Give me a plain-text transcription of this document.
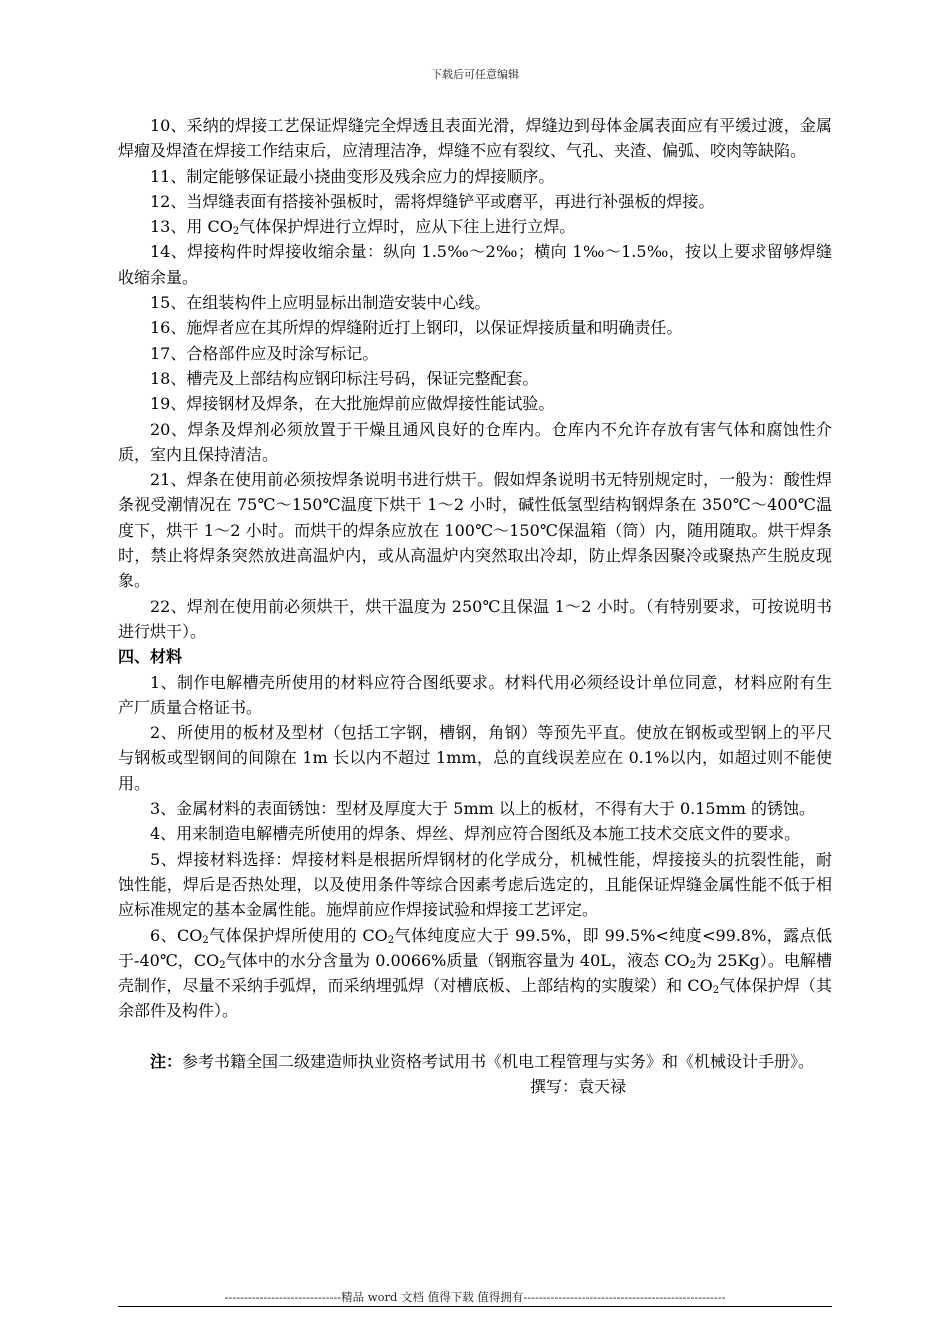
下载后可任意编辑

10、采纳的焊接工艺保证焊缝完全焊透且表面光滑，焊缝边到母体金属表面应有平缓过渡，金属焊瘤及焊渣在焊接工作结束后，应清理洁净，焊缝不应有裂纹、气孔、夹渣、偏弧、咬肉等缺陷。

11、制定能够保证最小挠曲变形及残余应力的焊接顺序。

12、当焊缝表面有搭接补强板时，需将焊缝铲平或磨平，再进行补强板的焊接。

13、用 $CO_2$气体保护焊进行立焊时，应从下往上进行立焊。

14、焊接构件时焊接收缩余量：纵向 1.5‰～2‰；横向 1‰～1.5‰，按以上要求留够焊缝收缩余量。

15、在组装构件上应明显标出制造安装中心线。

16、施焊者应在其所焊的焊缝附近打上钢印，以保证焊接质量和明确责任。

17、合格部件应及时涂写标记。

18、槽壳及上部结构应钢印标注号码，保证完整配套。

19、焊接钢材及焊条，在大批施焊前应做焊接性能试验。

20、焊条及焊剂必须放置于干燥且通风良好的仓库内。仓库内不允许存放有害气体和腐蚀性介质，室内且保持清洁。

21、焊条在使用前必须按焊条说明书进行烘干。假如焊条说明书无特别规定时，一般为：酸性焊条视受潮情况在 75℃～150℃温度下烘干 1～2 小时，碱性低氢型结构钢焊条在 350℃～400℃温度下，烘干 1～2 小时。而烘干的焊条应放在 100℃～150℃保温箱（筒）内，随用随取。烘干焊条时，禁止将焊条突然放进高温炉内，或从高温炉内突然取出冷却，防止焊条因聚冷或聚热产生脱皮现象。

22、焊剂在使用前必须烘干，烘干温度为 250℃且保温 1～2 小时。（有特别要求，可按说明书进行烘干）。

四、材料

1、制作电解槽壳所使用的材料应符合图纸要求。材料代用必须经设计单位同意，材料应附有生产厂质量合格证书。

2、所使用的板材及型材（包括工字钢，槽钢，角钢）等预先平直。使放在钢板或型钢上的平尺与钢板或型钢间的间隙在 1m 长以内不超过 1mm，总的直线误差应在 0.1%以内，如超过则不能使用。

3、金属材料的表面锈蚀：型材及厚度大于 5mm 以上的板材，不得有大于 0.15mm 的锈蚀。

4、用来制造电解槽壳所使用的焊条、焊丝、焊剂应符合图纸及本施工技术交底文件的要求。

5、焊接材料选择：焊接材料是根据所焊钢材的化学成分，机械性能，焊接接头的抗裂性能，耐蚀性能，焊后是否热处理，以及使用条件等综合因素考虑后选定的，且能保证焊缝金属性能不低于相应标准规定的基本金属性能。施焊前应作焊接试验和焊接工艺评定。

6、$CO_2$气体保护焊所使用的 $CO_2$气体纯度应大于 99.5%，即 99.5%<纯度<99.8%，露点低于-40℃，$CO_2$气体中的水分含量为 0.0066%质量（钢瓶容量为 40L，液态 $CO_2$为 25Kg）。电解槽壳制作，尽量不采纳手弧焊，而采纳埋弧焊（对槽底板、上部结构的实腹梁）和 $CO_2$气体保护焊（其余部件及构件）。

注：参考书籍全国二级建造师执业资格考试用书《机电工程管理与实务》和《机械设计手册》。

撰写：袁天禄

------------------------------精品 word 文档 值得下载 值得拥有----------------------------------------------------
